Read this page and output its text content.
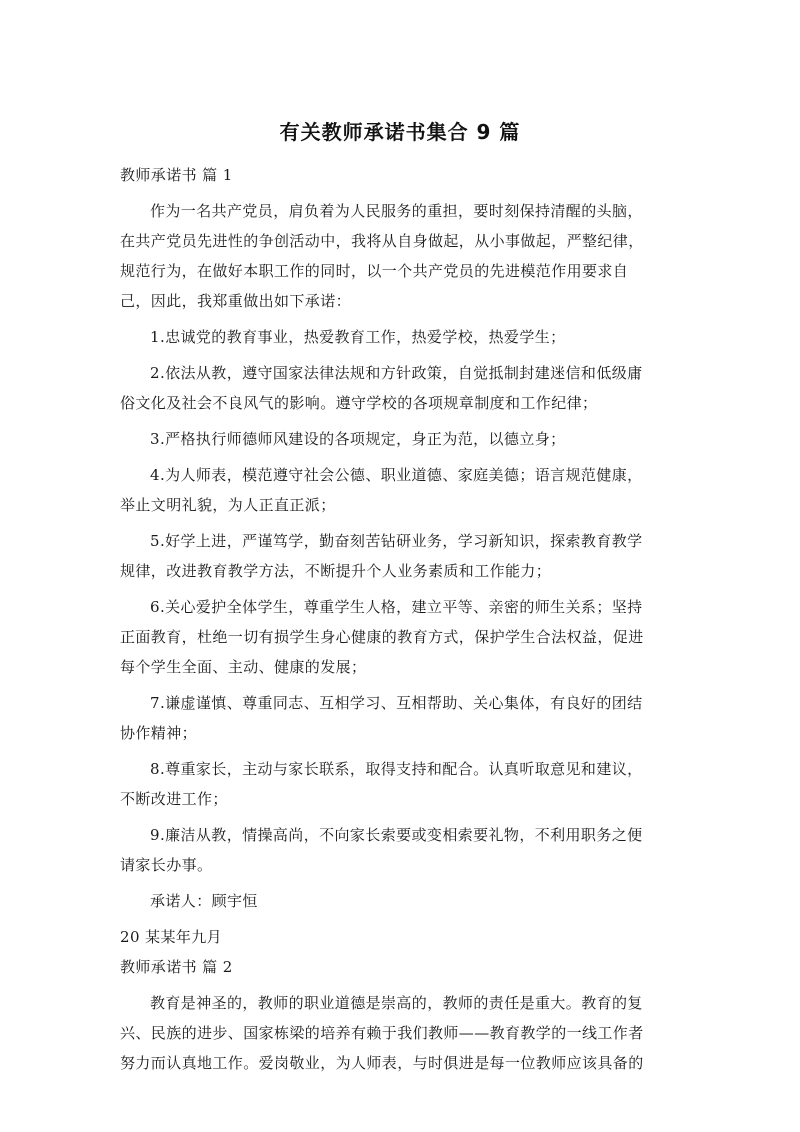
有关教师承诺书集合 9 篇
教师承诺书 篇 1
作为一名共产党员，肩负着为人民服务的重担，要时刻保持清醒的头脑，
在共产党员先进性的争创活动中，我将从自身做起，从小事做起，严整纪律，
规范行为，在做好本职工作的同时，以一个共产党员的先进模范作用要求自
己，因此，我郑重做出如下承诺：
1.忠诚党的教育事业，热爱教育工作，热爱学校，热爱学生；
2.依法从教，遵守国家法律法规和方针政策，自觉抵制封建迷信和低级庸
俗文化及社会不良风气的影响。遵守学校的各项规章制度和工作纪律；
3.严格执行师德师风建设的各项规定，身正为范，以德立身；
4.为人师表，模范遵守社会公德、职业道德、家庭美德；语言规范健康，
举止文明礼貌，为人正直正派；
5.好学上进，严谨笃学，勤奋刻苦钻研业务，学习新知识，探索教育教学
规律，改进教育教学方法，不断提升个人业务素质和工作能力；
6.关心爱护全体学生，尊重学生人格，建立平等、亲密的师生关系；坚持
正面教育，杜绝一切有损学生身心健康的教育方式，保护学生合法权益，促进
每个学生全面、主动、健康的发展；
7.谦虚谨慎、尊重同志、互相学习、互相帮助、关心集体，有良好的团结
协作精神；
8.尊重家长，主动与家长联系，取得支持和配合。认真听取意见和建议，
不断改进工作；
9.廉洁从教，情操高尚，不向家长索要或变相索要礼物，不利用职务之便
请家长办事。
承诺人：顾宇恒
20 某某年九月
教师承诺书 篇 2
教育是神圣的，教师的职业道德是崇高的，教师的责任是重大。教育的复
兴、民族的进步、国家栋梁的培养有赖于我们教师——教育教学的一线工作者
努力而认真地工作。爱岗敬业，为人师表，与时俱进是每一位教师应该具备的
